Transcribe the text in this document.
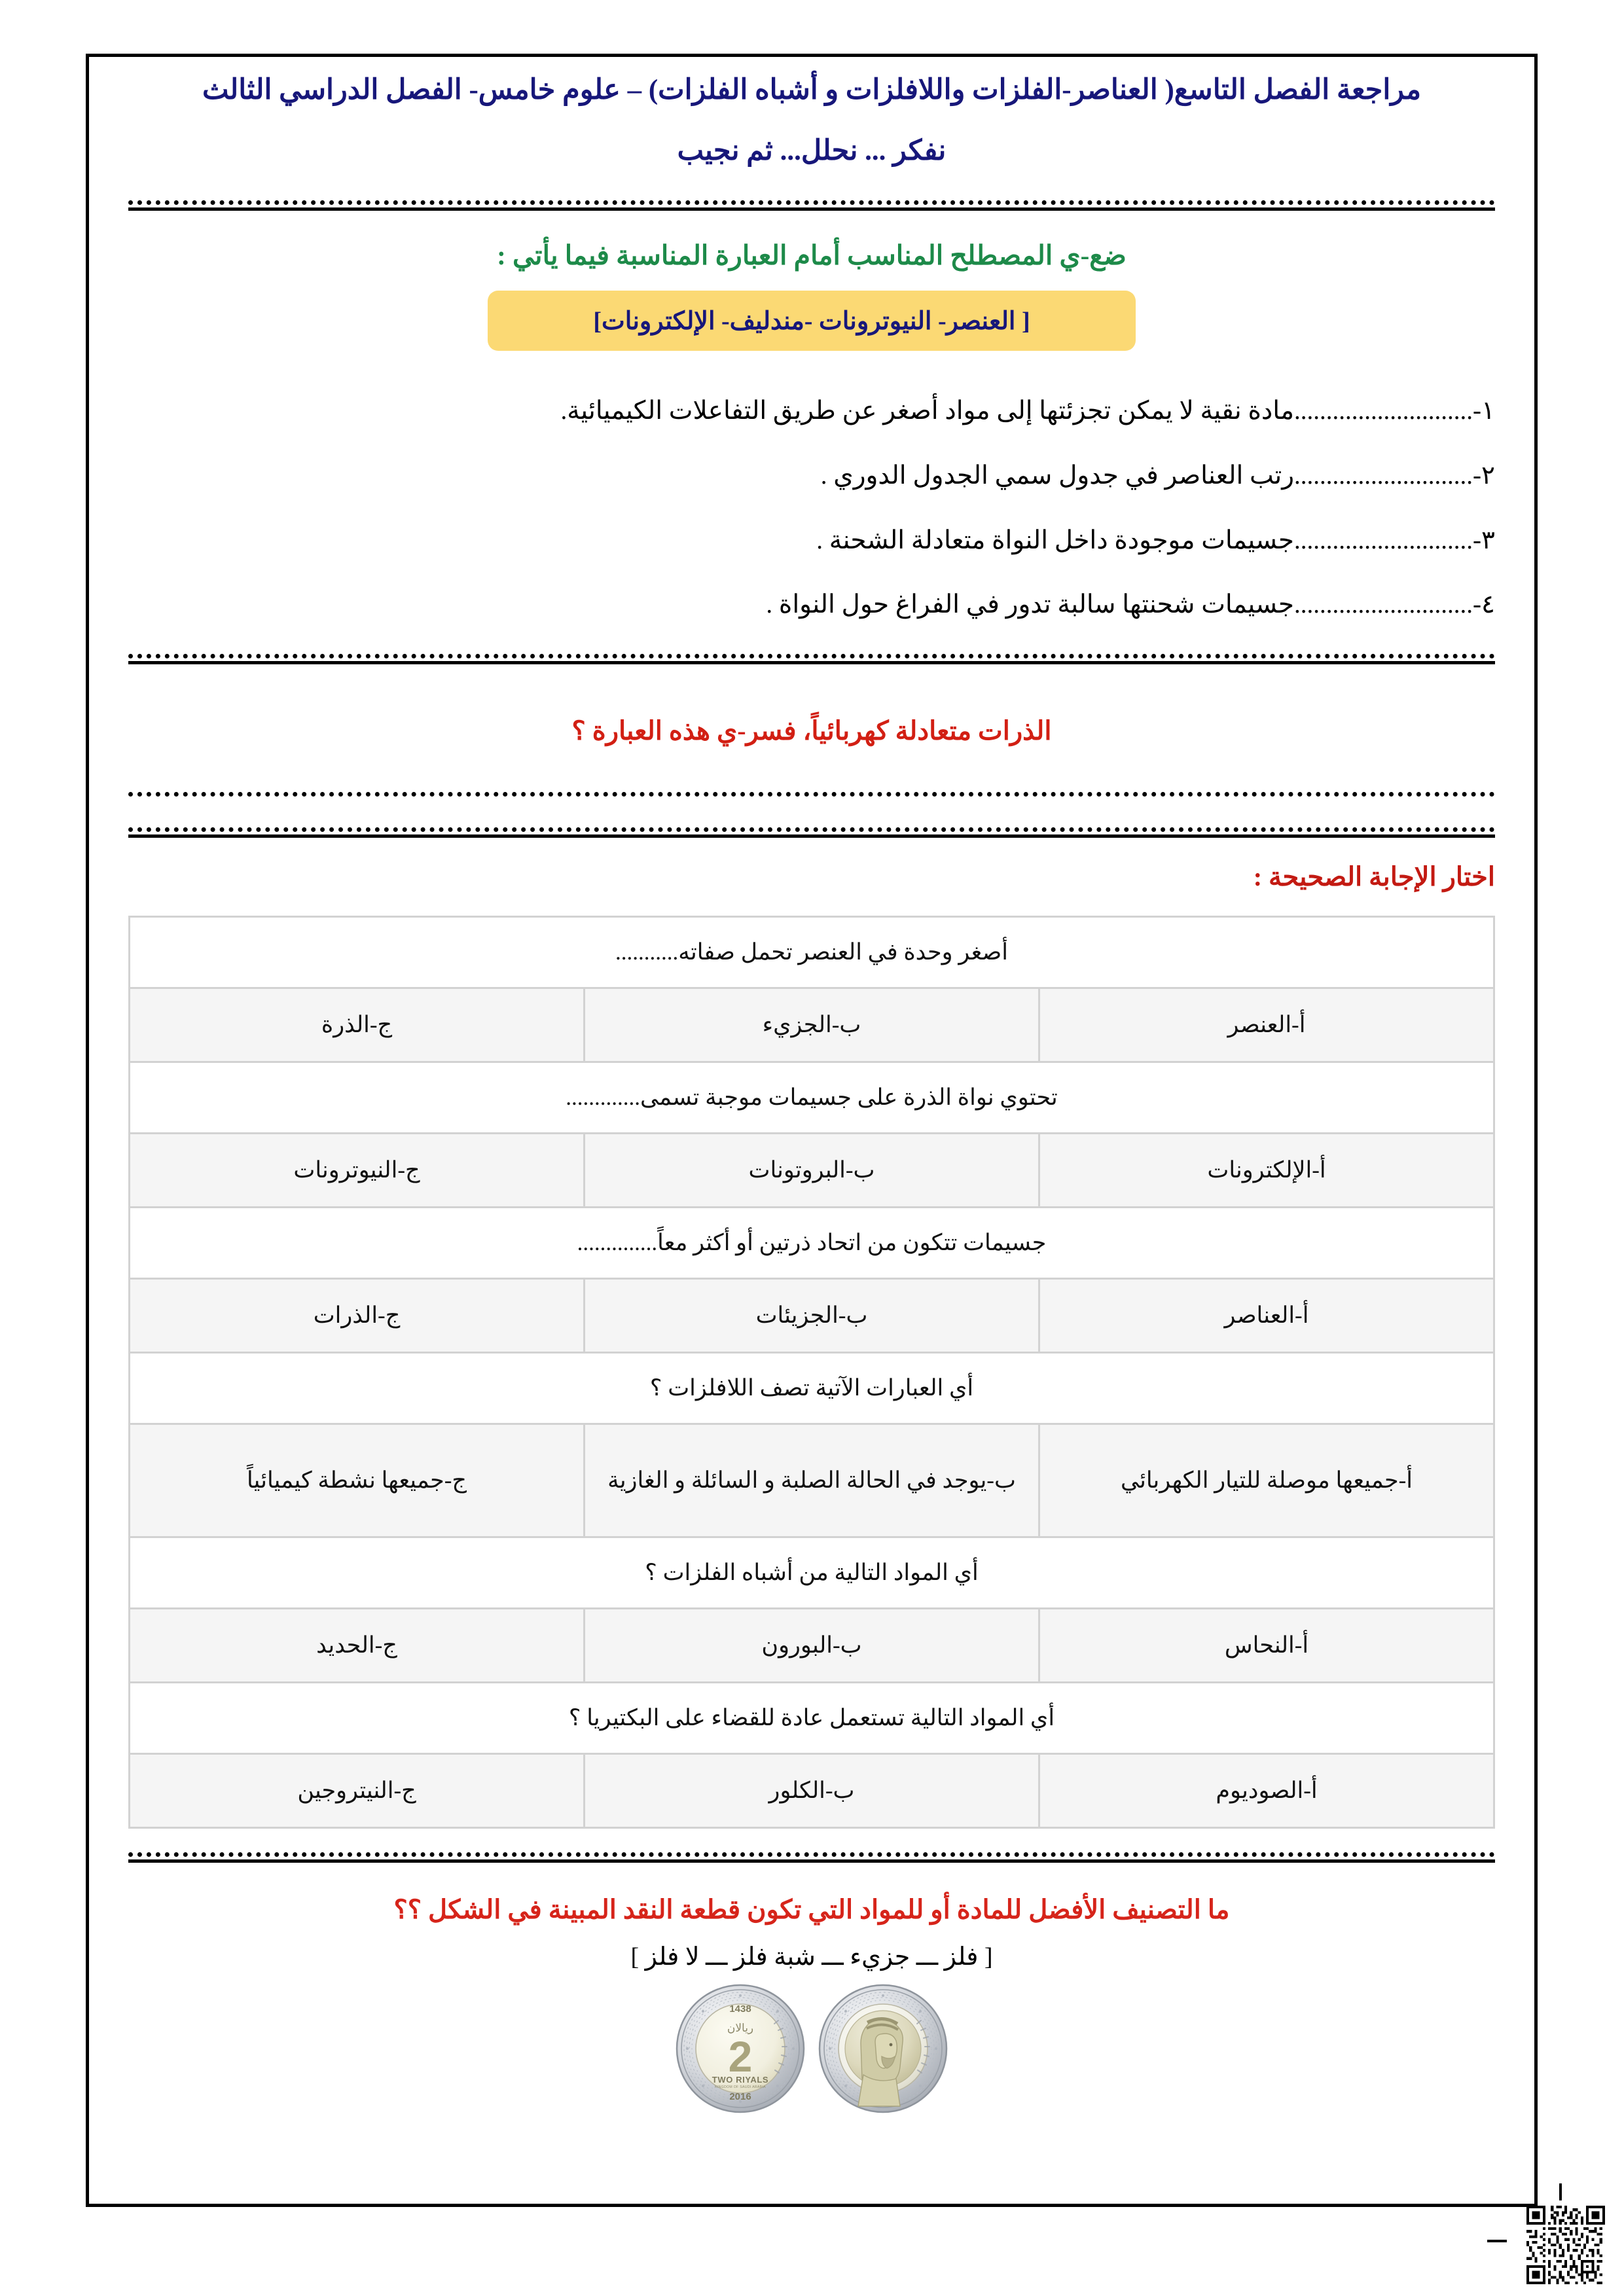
مراجعة الفصل التاسع( العناصر-الفلزات واللافلزات و أشباه الفلزات) – علوم خامس- الفصل الدراسي الثالث
نفكر ... نحلل... ثم نجيب
ضع-ي المصطلح المناسب أمام العبارة المناسبة فيما يأتي :
[ العنصر- النيوترونات -مندليف- الإلكترونات]
١-............................مادة نقية لا يمكن تجزئتها إلى مواد أصغر عن طريق التفاعلات الكيميائية.
٢-............................رتب العناصر في جدول سمي الجدول الدوري .
٣-............................جسيمات موجودة داخل النواة متعادلة الشحنة .
٤-............................جسيمات شحنتها سالبة تدور في الفراغ حول النواة .
الذرات متعادلة كهربائياً، فسر-ي هذه العبارة ؟
اختار الإجابة الصحيحة :
أصغر وحدة في العنصر تحمل صفاته...........		
أ-العنصر	ب-الجزيء	ج-الذرة
تحتوي نواة الذرة على جسيمات موجبة تسمى.............		
أ-الإلكترونات	ب-البروتونات	ج-النيوترونات
جسيمات تتكون من اتحاد ذرتين أو أكثر معاً..............		
أ-العناصر	ب-الجزيئات	ج-الذرات
أي العبارات الآتية تصف اللافلزات ؟		
أ-جميعها موصلة للتيار الكهربائي	ب-يوجد في الحالة الصلبة و السائلة و الغازية	ج-جميعها نشطة كيميائياً
أي المواد التالية من أشباه الفلزات ؟		
أ-النحاس	ب-البورون	ج-الحديد
أي المواد التالية تستعمل عادة للقضاء على البكتيريا ؟		
أ-الصوديوم	ب-الكلور	ج-النيتروجين
ما التصنيف الأفضل للمادة أو للمواد التي تكون قطعة النقد المبينة في الشكل ؟؟
[ فلز ـــ جزيء ـــ شبة فلز ـــ لا فلز ]
1438
ريالان
2
TWO RIYALS
KINGDOM OF SAUDI ARABIA
2016
